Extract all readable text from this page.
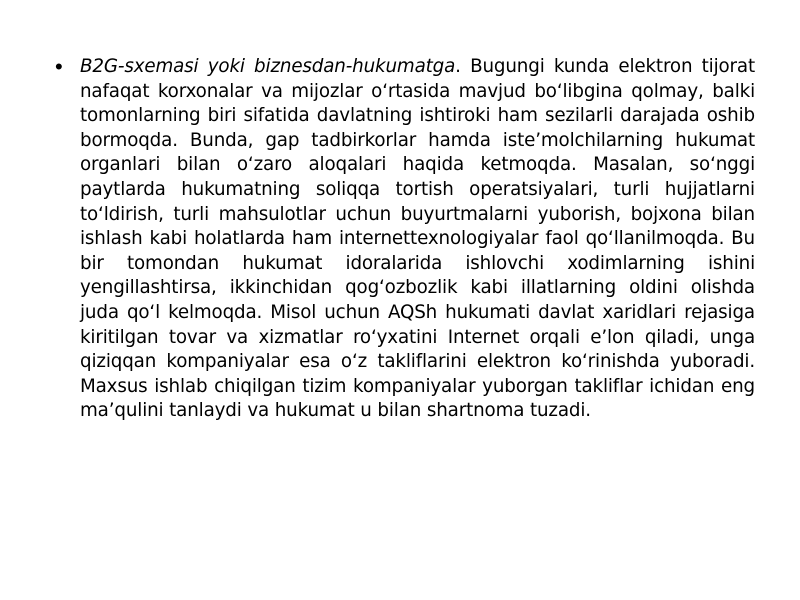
• B2G-sxemasi yoki biznesdan-hukumatga. Bugungi kunda elektron tijorat nafaqat korxonalar va mijozlar o‘rtasida mavjud bo‘libgina qolmay, balki tomonlarning biri sifatida davlatning ishtiroki ham sezilarli darajada oshib bormoqda. Bunda, gap tadbirkorlar hamda iste’molchilarning hukumat organlari bilan o‘zaro aloqalari haqida ketmoqda. Masalan, so‘nggi paytlarda hukumatning soliqqa tortish operatsiyalari, turli hujjatlarni to‘ldirish, turli mahsulotlar uchun buyurtmalarni yuborish, bojxona bilan ishlash kabi holatlarda ham internettexnologiyalar faol qo‘llanilmoqda. Bu bir tomondan hukumat idoralarida ishlovchi xodimlarning ishini yengillashtirsa, ikkinchidan qog‘ozbozlik kabi illatlarning oldini olishda juda qo‘l kelmoqda. Misol uchun AQSh hukumati davlat xaridlari rejasiga kiritilgan tovar va xizmatlar ro‘yxatini Internet orqali e’lon qiladi, unga qiziqqan kompaniyalar esa o‘z takliflarini elektron ko‘rinishda yuboradi. Maxsus ishlab chiqilgan tizim kompaniyalar yuborgan takliflar ichidan eng ma’qulini tanlaydi va hukumat u bilan shartnoma tuzadi.
